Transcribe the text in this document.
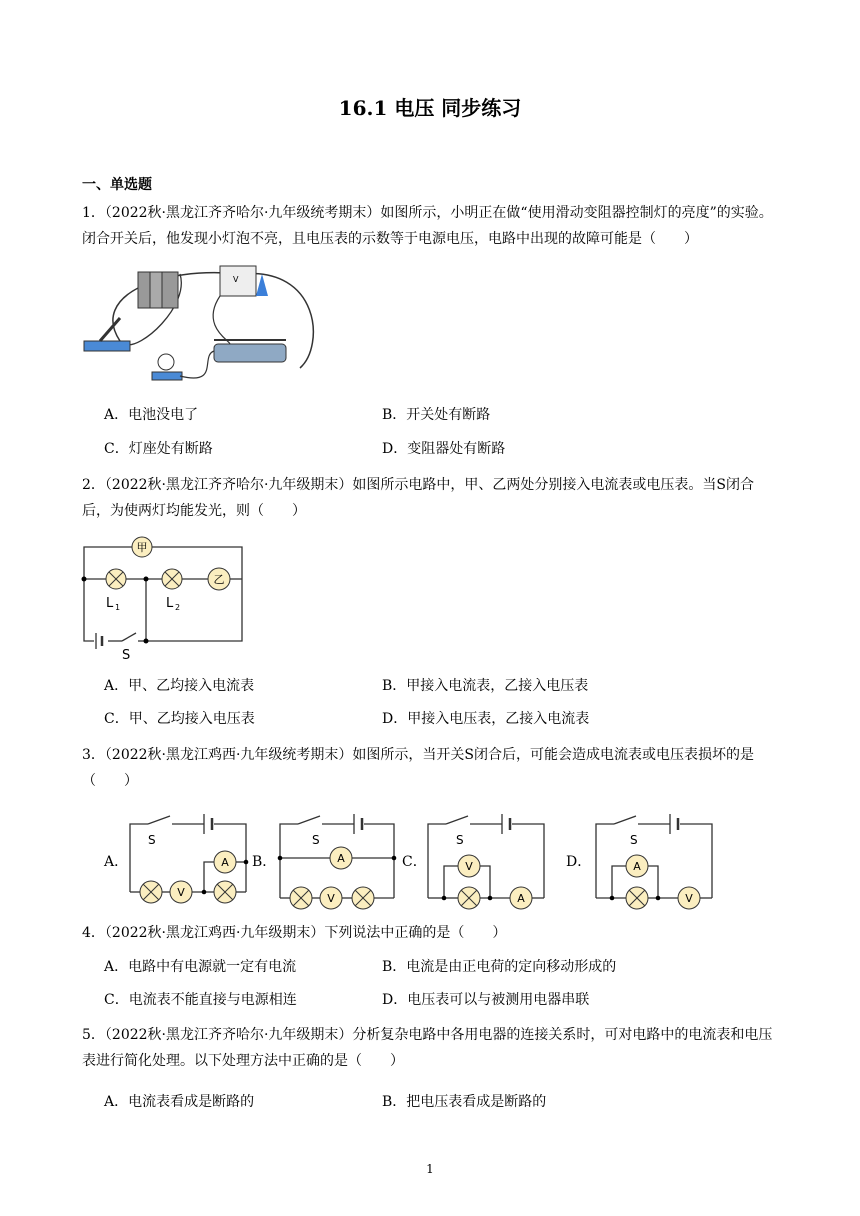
16.1 电压 同步练习
一、单选题
1．（2022秋·黑龙江齐齐哈尔·九年级统考期末）如图所示，小明正在做“使用滑动变阻器控制灯的亮度”的实验。闭合开关后，他发现小灯泡不亮，且电压表的示数等于电源电压，电路中出现的故障可能是（　　）
V
A．电池没电了	B．开关处有断路
C．灯座处有断路	D．变阻器处有断路
2．（2022秋·黑龙江齐齐哈尔·九年级期末）如图所示电路中，甲、乙两处分别接入电流表或电压表。当S闭合后，为使两灯均能发光，则（　　）
甲
乙
L 1	L 2
S
A．甲、乙均接入电流表	B．甲接入电流表，乙接入电压表
C．甲、乙均接入电压表	D．甲接入电压表，乙接入电流表
3．（2022秋·黑龙江鸡西·九年级统考期末）如图所示，当开关S闭合后，可能会造成电流表或电压表损坏的是（　　）
A．
S
V
A B．
S
A
V
C．
S
V
A
D．
S
A
V
4．（2022秋·黑龙江鸡西·九年级期末）下列说法中正确的是（　　）
A．电路中有电源就一定有电流	B．电流是由正电荷的定向移动形成的
C．电流表不能直接与电源相连	D．电压表可以与被测用电器串联
5．（2022秋·黑龙江齐齐哈尔·九年级期末）分析复杂电路中各用电器的连接关系时，可对电路中的电流表和电压表进行简化处理。以下处理方法中正确的是（　　）
A．电流表看成是断路的	B．把电压表看成是断路的
1
